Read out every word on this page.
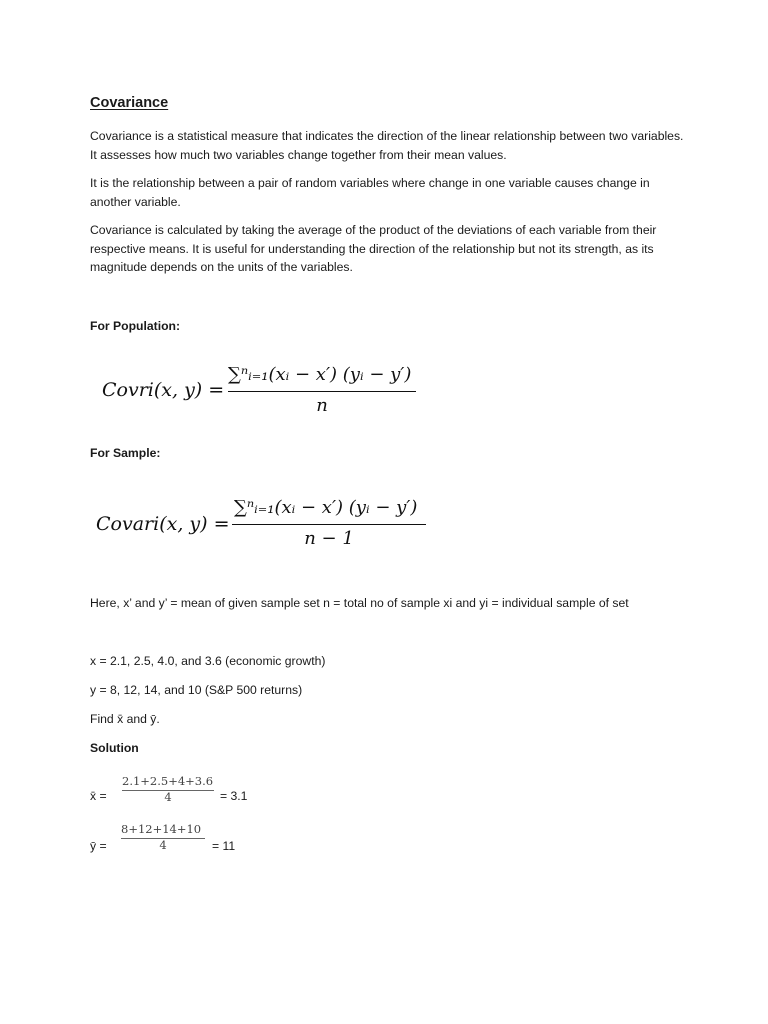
Covariance
Covariance is a statistical measure that indicates the direction of the linear relationship between two variables. It assesses how much two variables change together from their mean values.
It is the relationship between a pair of random variables where change in one variable causes change in another variable.
Covariance is calculated by taking the average of the product of the deviations of each variable from their respective means. It is useful for understanding the direction of the relationship but not its strength, as its magnitude depends on the units of the variables.
For Population:
Covri(x, y) =
∑ⁿᵢ₌₁(xᵢ − x′) (yᵢ − y′)
n
For Sample:
Covari(x, y) =
∑ⁿᵢ₌₁(xᵢ − x′) (yᵢ − y′)
n − 1
Here, x’ and y’ = mean of given sample set n = total no of sample xi and yi = individual sample of set
x = 2.1, 2.5, 4.0, and 3.6 (economic growth)
y = 8, 12, 14, and 10 (S&P 500 returns)
Find x̄ and ȳ.
Solution
x̄ =
2.1+2.5+4+3.6
4	= 3.1
ȳ =
8+12+14+10
4	= 11
